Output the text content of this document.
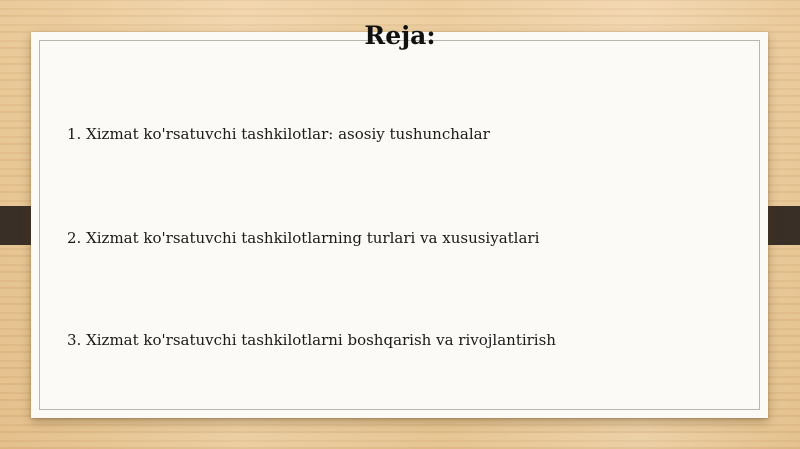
Reja:
1. Xizmat ko'rsatuvchi tashkilotlar: asosiy tushunchalar
2. Xizmat ko'rsatuvchi tashkilotlarning turlari va xususiyatlari
3. Xizmat ko'rsatuvchi tashkilotlarni boshqarish va rivojlantirish
